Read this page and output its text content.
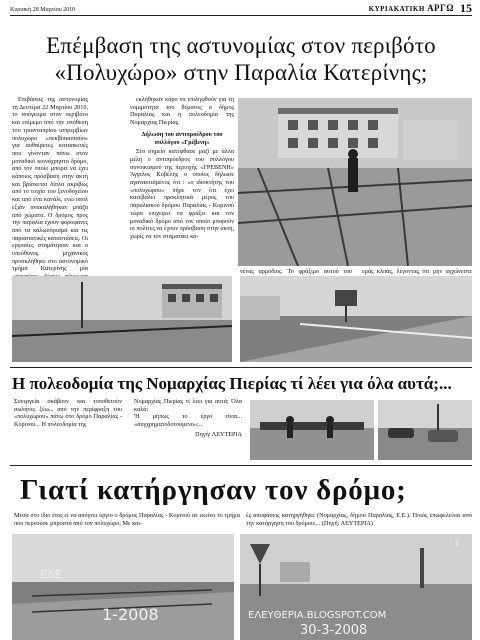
Κυριακή 28 Μαρτίου 2010	ΚΥΡΙΑΚΑΤΙΚΗ ΑΡΓΩ 15
Επέμβαση της αστυνομίας στον περιβότο
«Πολυχώρο» στην Παραλία Κατερίνης;

Επιβάσεις της αστυνομίας τη Δευτέρα 22 Μαρτίου 2010, το απόγευμα στον περιβότο και επίμεμο από την υπόθεση του τριανταπρίου ισπρεμβίων πολυχώρο «πεκβίπιασιαύο» για αυθαίρετες κατασκευές που γίνονταν πάνω στον μοναδικό κοινόχρηστο δρόμο, από τον οποίο μπορεί να έχει κάποιος πρόσβαση στην ακτή και βρίσκεται δίπλα ακριβώς από το τοιχίο του ξενοδοχείου και από ένα κανάλι, ενώ υπολ εξιάν ανακαλήθηκαν μπάζα από χώματα. Ο δρόμος προς την παραλία έχουν φοροφάνες από τα καλωσόρισμα και τις παραστατικές καταστάσεις. Οι εργασίες σταμάτησαν και ο υπεύθυνος μηχανικός προσκλήθηκε στο αστυνομικό τμήμα Κατερίνης μία

εκλήθηκαν κάρο να επιληφθούν για τη νομιμότητα του θέματος ο δήμος Παραλίας και η πολεοδομία της Νομαρχίας Πιερίας.

Δήλωση του αντιπροέδρου του συλλόγου «Γρέβενη»

Στο σημείο κατέφθασε μαζί με άλλα μέλη ο αντιπρόεδρος του συλλόγου συνοικισμού της περιοχής «ΓΡΕΒΕΝΗ» Άγγελος Κυβέλης ο οποίος δήλωσε αγανακτισμένος ότι : «ο ιδιοκτήτης του «πολυχώρου» πήρε τον ότι έχει κατεβάλει προκλητικά μέρος του παραλιακού δρόμου Παραλίας - Κορινού τώρα επιχειρεί να φράξει και τον μοναδικό δρόμο από τον οποίο μπορούν οι πολίτες να έχουν πρόσβαση στην ακτή, χωρίς να τον σταματάει κα-

νένας αρμόδιος. Το φράξιμο αυτού του εμάς κλπάς, λέγοντας ότι μην αγχώνεστε

Η πολεοδομία της Νομαρχίας Πιερίας τί λέει για όλα αυτά;...

Συνεργεία σκάβουν και τοποθετούν σωλήνες ξέω... από την περίφραξη του «πολυχώρου» πάνω στο δρόμο Παραλίας - Κορινού... Η πολεοδομία της

Νομαρχίας Πιερίας τί λέει για αυτά; Όλα καλά;
'Η μήπως το έργο είναι... «συγχρηματοδοτούμενο»;...

Πηγή: ΛΕΥΤΕΡΙΑ

Γιατί κατήργησαν τον δρόμο;

Μέσα στο ίδιο έτος εί να απόγνει όργιο ο δρόμος Παραλίας - Κορινού σε εκείνο το τμήμα που περνούσε μπροστά από τον πολυχώρο; Με κοι-

ές αποφάσεις κατηργήθηκε (Νομαρχίας, δήμου Παραλίας, Ε.Ε.). Ποιός επωφελείται από την κατάργηση του δρόμου;... (Πηγή: ΛΕΥΤΕΡΙΑ)

ΕΛΕ
1-2008	ΕΛΕΥΘΕΡΙΑ.BLOGSPOT.COM
30-3-2008
1
